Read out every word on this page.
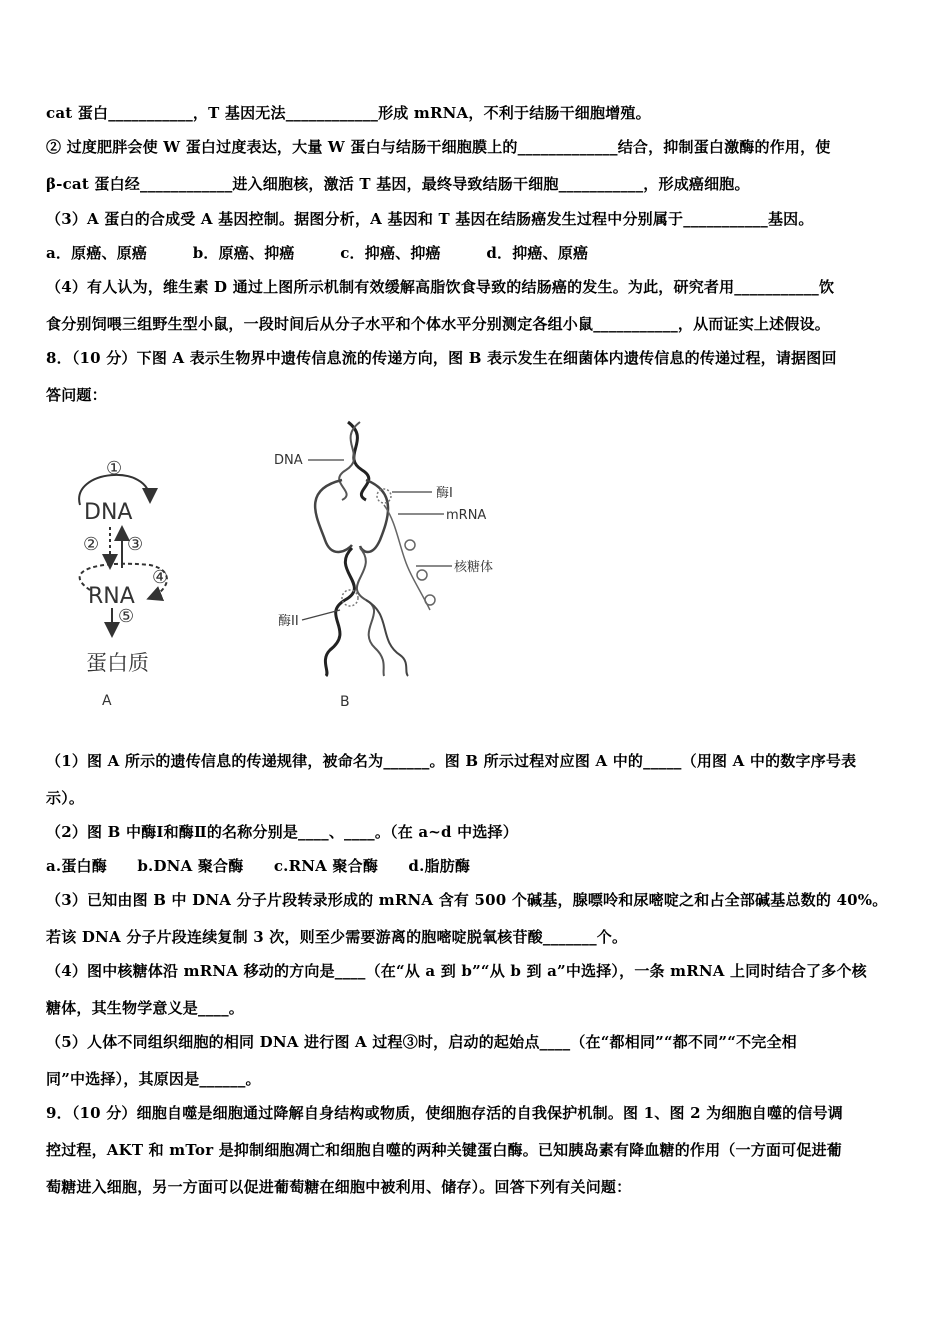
cat 蛋白___________，T 基因无法____________形成 mRNA，不利于结肠干细胞增殖。
② 过度肥胖会使 W 蛋白过度表达，大量 W 蛋白与结肠干细胞膜上的_____________结合，抑制蛋白激酶的作用，使
β-cat 蛋白经____________进入细胞核，激活 T 基因，最终导致结肠干细胞___________，形成癌细胞。
（3）A 蛋白的合成受 A 基因控制。据图分析，A 基因和 T 基因在结肠癌发生过程中分别属于___________基因。
a．原癌、原癌　　　b．原癌、抑癌　　　c．抑癌、抑癌　　　d．抑癌、原癌
（4）有人认为，维生素 D 通过上图所示机制有效缓解高脂饮食导致的结肠癌的发生。为此，研究者用___________饮
食分别饲喂三组野生型小鼠，一段时间后从分子水平和个体水平分别测定各组小鼠___________，从而证实上述假设。
8．（10 分）下图 A 表示生物界中遗传信息流的传递方向，图 B 表示发生在细菌体内遗传信息的传递过程，请据图回
答问题：
（1）图 A 所示的遗传信息的传递规律，被命名为______。图 B 所示过程对应图 A 中的_____（用图 A 中的数字序号表
示）。
（2）图 B 中酶Ⅰ和酶Ⅱ的名称分别是____、____。（在 a~d 中选择）
a.蛋白酶　　b.DNA 聚合酶　　c.RNA 聚合酶　　d.脂肪酶
（3）已知由图 B 中 DNA 分子片段转录形成的 mRNA 含有 500 个碱基，腺嘌呤和尿嘧啶之和占全部碱基总数的 40%。
若该 DNA 分子片段连续复制 3 次，则至少需要游离的胞嘧啶脱氧核苷酸_______个。
（4）图中核糖体沿 mRNA 移动的方向是____（在“从 a 到 b”“从 b 到 a”中选择），一条 mRNA 上同时结合了多个核
糖体，其生物学意义是____。
（5）人体不同组织细胞的相同 DNA 进行图 A 过程③时，启动的起始点____（在“都相同”“都不同”“不完全相
同”中选择），其原因是______。
9．（10 分）细胞自噬是细胞通过降解自身结构或物质，使细胞存活的自我保护机制。图 1、图 2 为细胞自噬的信号调
控过程，AKT 和 mTor 是抑制细胞凋亡和细胞自噬的两种关键蛋白酶。已知胰岛素有降血糖的作用（一方面可促进葡
萄糖进入细胞，另一方面可以促进葡萄糖在细胞中被利用、储存）。回答下列有关问题：
①
DNA
② ③
④
RNA
⑤
蛋白质
A
DNA
酶I
mRNA
核糖体
酶II
B
